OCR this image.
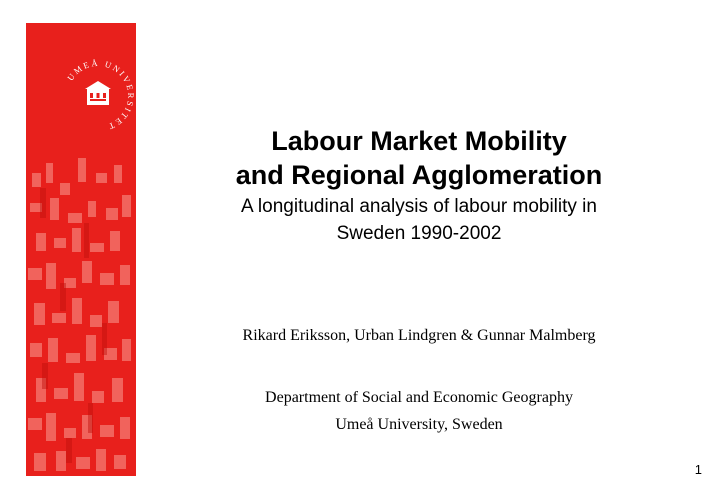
UMEÅ UNIVERSITET	Labour Market Mobility
and Regional Agglomeration
A longitudinal analysis of labour mobility in
Sweden 1990-2002
Rikard Eriksson, Urban Lindgren & Gunnar Malmberg
Department of Social and Economic Geography
Umeå University, Sweden
1
